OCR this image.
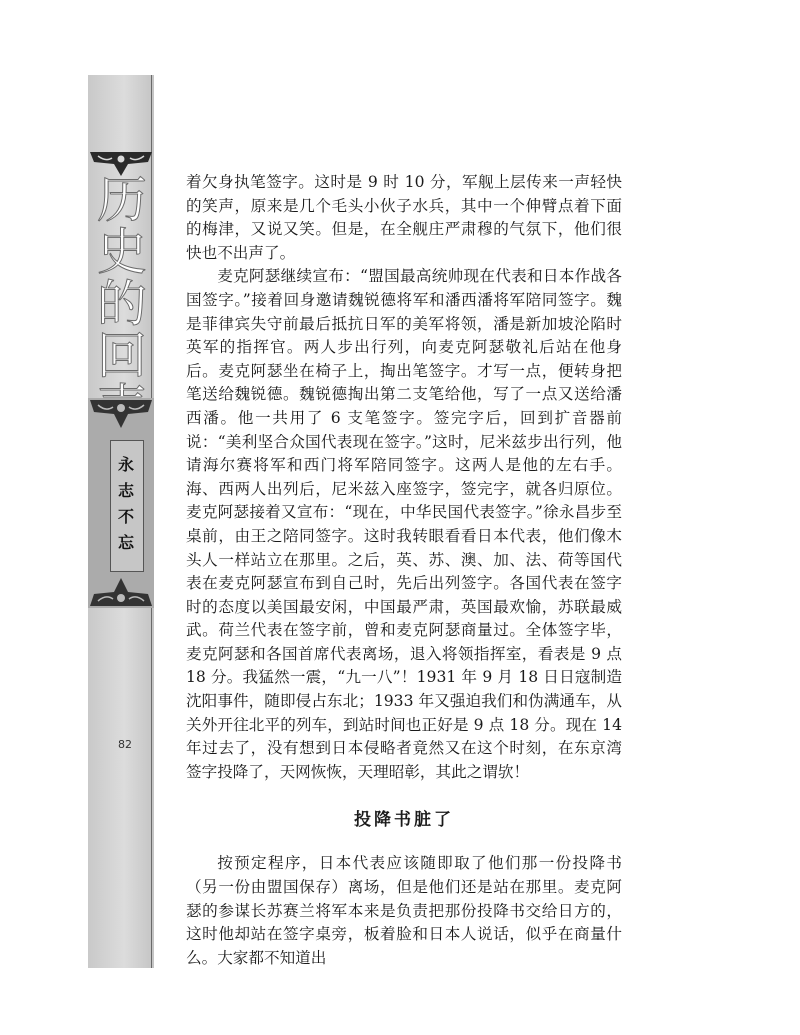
历
史
的
回
永
志
不
忘
82

着欠身执笔签字。这时是 9 时 10 分，军舰上层传来一声轻快的笑声，原来是几个毛头小伙子水兵，其中一个伸臂点着下面的梅津，又说又笑。但是，在全舰庄严肃穆的气氛下，他们很快也不出声了。

麦克阿瑟继续宣布：“盟国最高统帅现在代表和日本作战各国签字。”接着回身邀请魏锐德将军和潘西潘将军陪同签字。魏是菲律宾失守前最后抵抗日军的美军将领，潘是新加坡沦陷时英军的指挥官。两人步出行列，向麦克阿瑟敬礼后站在他身后。麦克阿瑟坐在椅子上，掏出笔签字。才写一点，便转身把笔送给魏锐德。魏锐德掏出第二支笔给他，写了一点又送给潘西潘。他一共用了 6 支笔签字。签完字后，回到扩音器前说：“美利坚合众国代表现在签字。”这时，尼米兹步出行列，他请海尔赛将军和西门将军陪同签字。这两人是他的左右手。海、西两人出列后，尼米兹入座签字，签完字，就各归原位。麦克阿瑟接着又宣布：“现在，中华民国代表签字。”徐永昌步至桌前，由王之陪同签字。这时我转眼看看日本代表，他们像木头人一样站立在那里。之后，英、苏、澳、加、法、荷等国代表在麦克阿瑟宣布到自己时，先后出列签字。各国代表在签字时的态度以美国最安闲，中国最严肃，英国最欢愉，苏联最威武。荷兰代表在签字前，曾和麦克阿瑟商量过。全体签字毕，麦克阿瑟和各国首席代表离场，退入将领指挥室，看表是 9 点 18 分。我猛然一震，“九一八”！1931 年 9 月 18 日日寇制造沈阳事件，随即侵占东北；1933 年又强迫我们和伪满通车，从关外开往北平的列车，到站时间也正好是 9 点 18 分。现在 14 年过去了，没有想到日本侵略者竟然又在这个时刻，在东京湾签字投降了，天网恢恢，天理昭彰，其此之谓欤！

投降书脏了

按预定程序，日本代表应该随即取了他们那一份投降书（另一份由盟国保存）离场，但是他们还是站在那里。麦克阿瑟的参谋长苏赛兰将军本来是负责把那份投降书交给日方的，这时他却站在签字桌旁，板着脸和日本人说话，似乎在商量什么。大家都不知道出
